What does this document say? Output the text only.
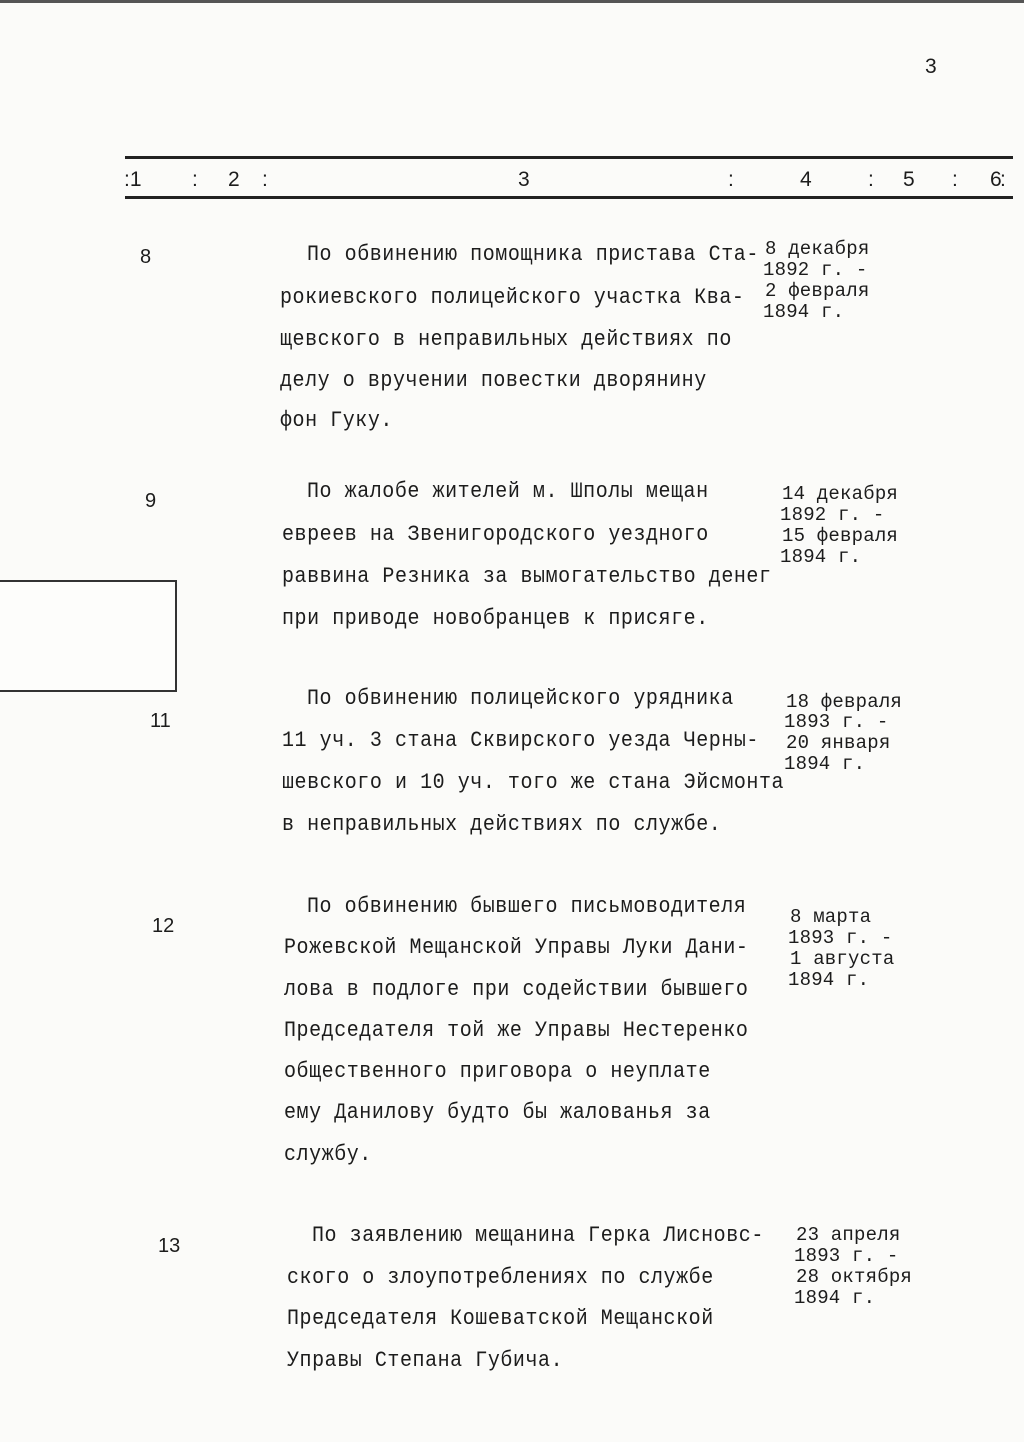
3
:1 : 2 :	3	:	4	: 5 : 6
:
8	По обвинению помощника пристава Ста-
рокиевского полицейского участка Ква-
щевского в неправильных действиях по
делу о вручении повестки дворянину
фон Гуку.
8 декабря
1892 г. -
2 февраля
1894 г.
9	По жалобе жителей м. Шполы мещан
евреев на Звенигородского уездного
раввина Резника за вымогательство денег
при приводе новобранцев к присяге.
14 декабря
1892 г. -
15 февраля
1894 г.
11
По обвинению полицейского урядника
11 уч. 3 стана Сквирского уезда Черны-
шевского и 10 уч. того же стана Эйсмонта
в неправильных действиях по службе.
18 февраля
1893 г. -
20 января
1894 г.
12
По обвинению бывшего письмоводителя
Рожевской Мещанской Управы Луки Дани-
лова в подлоге при содействии бывшего
Председателя той же Управы Нестеренко
общественного приговора о неуплате
ему Данилову будто бы жалованья за
службу.
8 марта
1893 г. -
1 августа
1894 г.
13	По заявлению мещанина Герка Лисновс-
ского о злоупотреблениях по службе
Председателя Кошеватской Мещанской
Управы Степана Губича.
23 апреля
1893 г. -
28 октября
1894 г.
